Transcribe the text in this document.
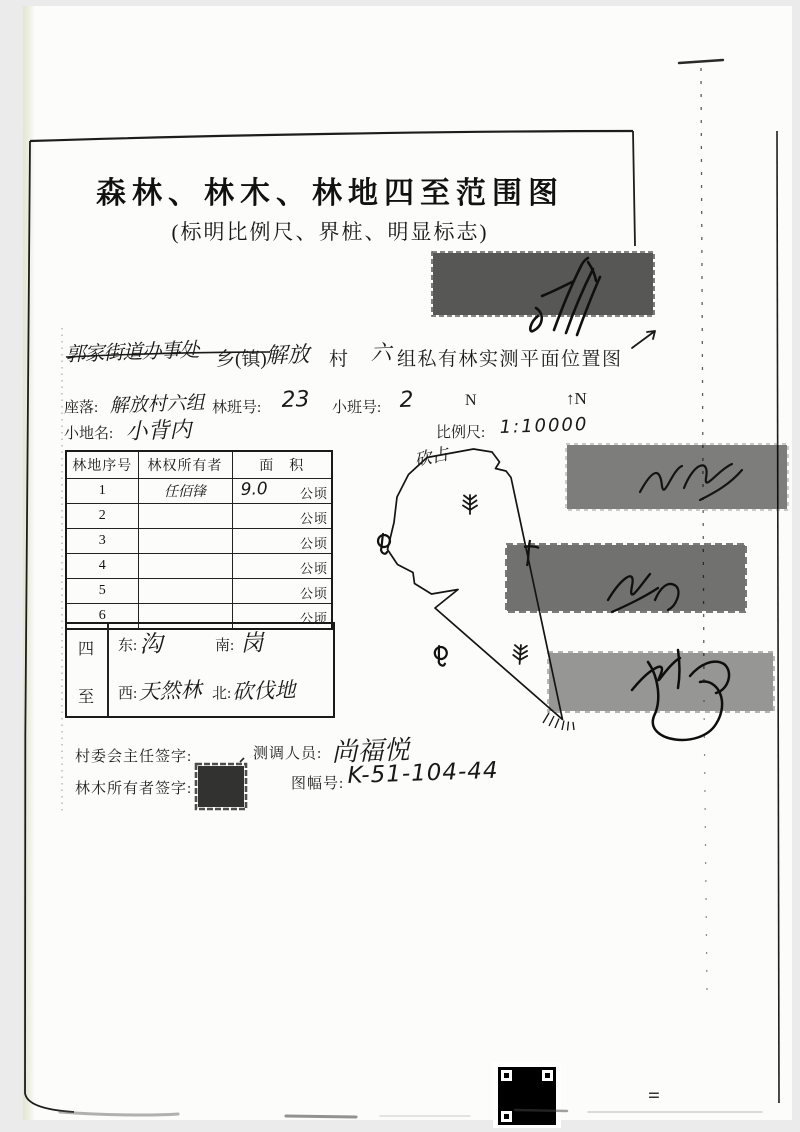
森林、林木、林地四至范围图
(标明比例尺、界桩、明显标志)
郭家街道办事处 乡(镇)
解放 村 六 组私有林实测平面位置图
座落: 解放村六组 林班号: 23 小班号: 2	N	↑N
小地名: 小背内	比例尺: 1:10000
林地序号	林权所有者	面　积
1	任佰锋	9.0 公顷

2		公顷

3		公顷

4		公顷

5		公顷

6		公顷
四
至
东: 沟	南: 岗
西: 天然林 北: 砍伐地
村委会主任签字:
林木所有者签字:
测调人员: 尚福悦
图幅号: K-51-104-44
砍占
=
